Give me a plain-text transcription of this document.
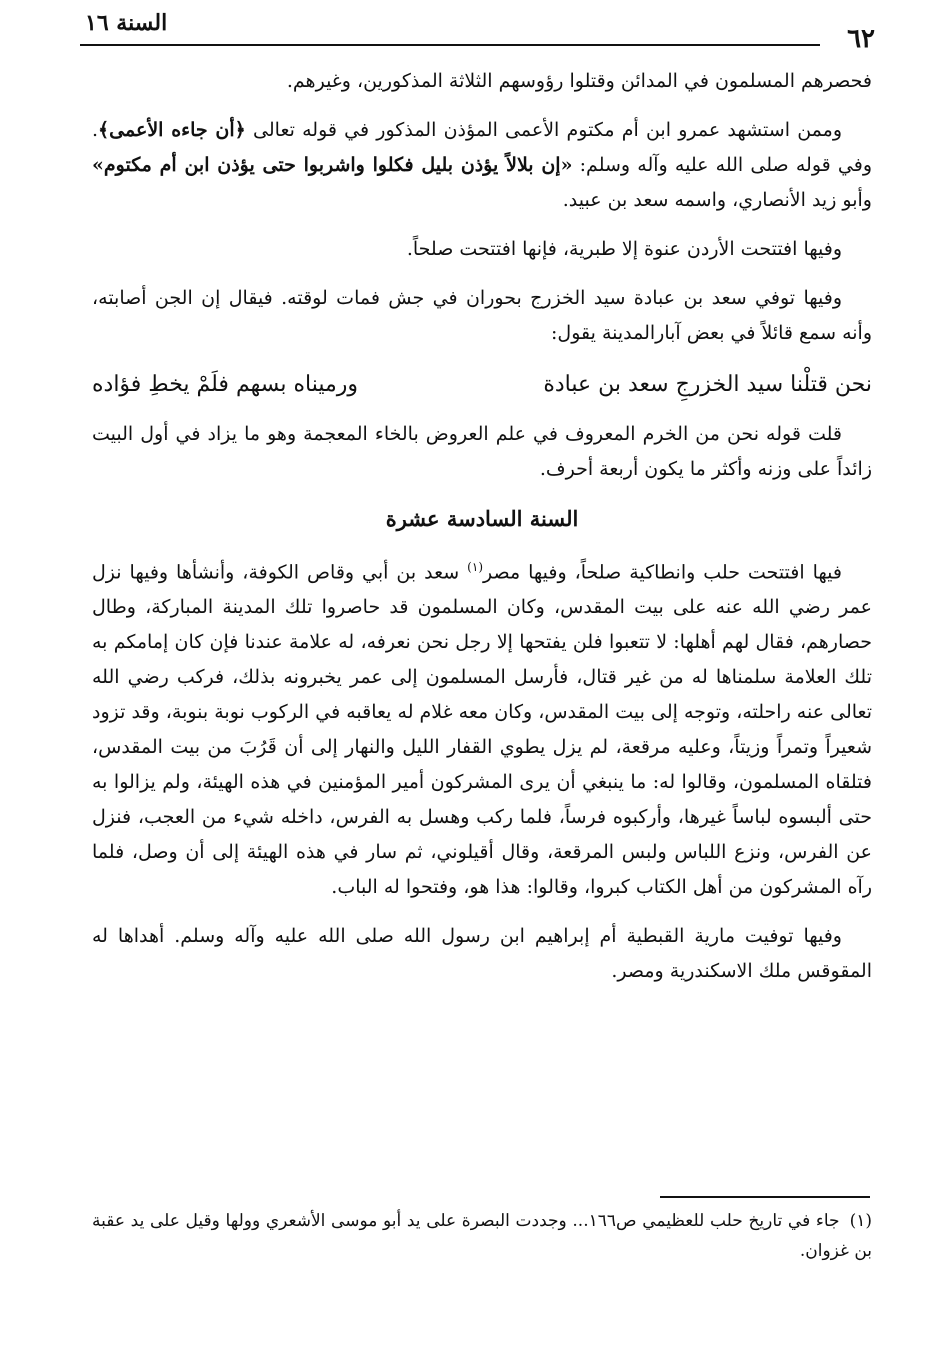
٦٢
السنة ١٦

فحصرهم المسلمون في المدائن وقتلوا رؤوسهم الثلاثة المذكورين، وغيرهم.

وممن استشهد عمرو ابن أم مكتوم الأعمى المؤذن المذكور في قوله تعالى ﴿أن جاءه الأعمى﴾. وفي قوله صلى الله عليه وآله وسلم: «إن بلالاً يؤذن بليل فكلوا واشربوا حتى يؤذن ابن أم مكتوم» وأبو زيد الأنصاري، واسمه سعد بن عبيد.

وفيها افتتحت الأردن عنوة إلا طبرية، فإنها افتتحت صلحاً.

وفيها توفي سعد بن عبادة سيد الخزرج بحوران في جش فمات لوقته. فيقال إن الجن أصابته، وأنه سمع قائلاً في بعض آبارالمدينة يقول:

نحن قتلْنا سيد الخزرجِ سعد بن عبادة
ورميناه بسهم فلَمْ يخطِ فؤاده

قلت قوله نحن من الخرم المعروف في علم العروض بالخاء المعجمة وهو ما يزاد في أول البيت زائداً على وزنه وأكثر ما يكون أربعة أحرف.

السنة السادسة عشرة

فيها افتتحت حلب وانطاكية صلحاً، وفيها مصر$^{(١)}$ سعد بن أبي وقاص الكوفة، وأنشأها وفيها نزل عمر رضي الله عنه على بيت المقدس، وكان المسلمون قد حاصروا تلك المدينة المباركة، وطال حصارهم، فقال لهم أهلها: لا تتعبوا فلن يفتحها إلا رجل نحن نعرفه، له علامة عندنا فإن كان إمامكم به تلك العلامة سلمناها له من غير قتال، فأرسل المسلمون إلى عمر يخبرونه بذلك، فركب رضي الله تعالى عنه راحلته، وتوجه إلى بيت المقدس، وكان معه غلام له يعاقبه في الركوب نوبة بنوبة، وقد تزود شعيراً وتمراً وزيتاً، وعليه مرقعة، لم يزل يطوي القفار الليل والنهار إلى أن قَرُبَ من بيت المقدس، فتلقاه المسلمون، وقالوا له: ما ينبغي أن يرى المشركون أمير المؤمنين في هذه الهيئة، ولم يزالوا به حتى ألبسوه لباساً غيرها، وأركبوه فرساً، فلما ركب وهسل به الفرس، داخله شيء من العجب، فنزل عن الفرس، ونزع اللباس ولبس المرقعة، وقال أقيلوني، ثم سار في هذه الهيئة إلى أن وصل، فلما رآه المشركون من أهل الكتاب كبروا، وقالوا: هذا هو، وفتحوا له الباب.

وفيها توفيت مارية القبطية أم إبراهيم ابن رسول الله صلى الله عليه وآله وسلم. أهداها له المقوقس ملك الاسكندرية ومصر.

(١)جاء في تاريخ حلب للعظيمي ص١٦٦... وجددت البصرة على يد أبو موسى الأشعري وولها وقيل على يد عقبة بن غزوان.
